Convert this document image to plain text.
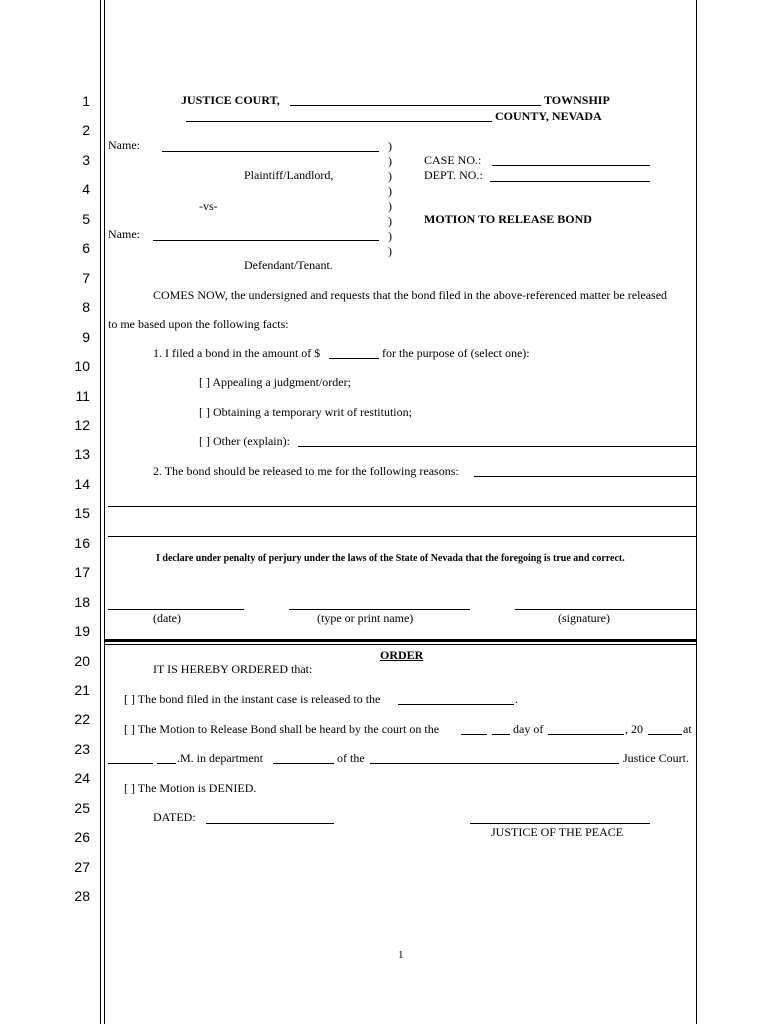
1
2
3
4
5
6
7
8
9
10
11
12
13
14
15
16
17
18
19
20
21
22
23
24
25
26
27
28
JUSTICE COURT,	TOWNSHIP
COUNTY, NEVADA
Name:
Plaintiff/Landlord,
-vs-
Name:
Defendant/Tenant.
)
)
)
)
)
)
)
)
CASE NO.:
DEPT. NO.:
MOTION TO RELEASE BOND
COMES NOW, the undersigned and requests that the bond filed in the above-referenced matter be released
to me based upon the following facts:
1. I filed a bond in the amount of $	for the purpose of (select one):
[ ] Appealing a judgment/order;
[ ] Obtaining a temporary writ of restitution;
[ ] Other (explain):
2. The bond should be released to me for the following reasons:
I declare under penalty of perjury under the laws of the State of Nevada that the foregoing is true and correct.
(date)	(type or print name)	(signature)
ORDER
IT IS HEREBY ORDERED that:
[ ] The bond filed in the instant case is released to the	.
[ ] The Motion to Release Bond shall be heard by the court on the	day of	, 20	at
.M. in department	of the	Justice Court.
[ ] The Motion is DENIED.
DATED:
JUSTICE OF THE PEACE
1
